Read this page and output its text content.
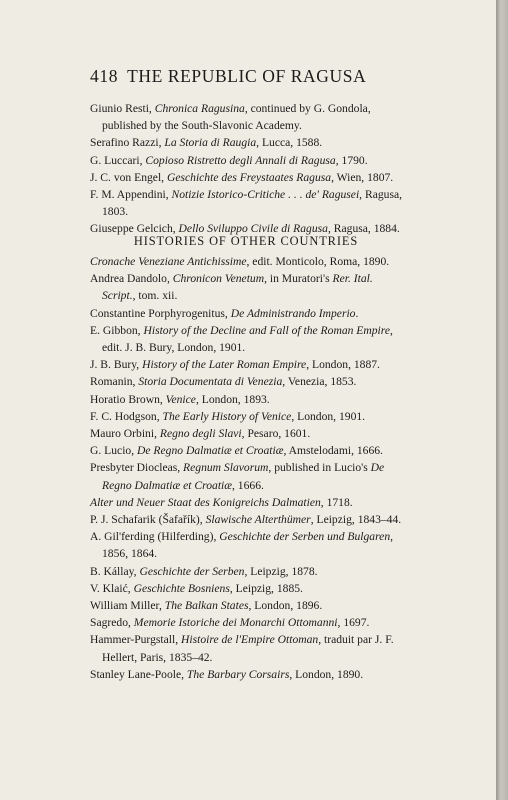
418 THE REPUBLIC OF RAGUSA

Giunio Resti, Chronica Ragusina, continued by G. Gondola, published by the South-Slavonic Academy.

Serafino Razzi, La Storia di Raugia, Lucca, 1588.

G. Luccari, Copioso Ristretto degli Annali di Ragusa, 1790.

J. C. von Engel, Geschichte des Freystaates Ragusa, Wien, 1807.

F. M. Appendini, Notizie Istorico-Critiche . . . de' Ragusei, Ragusa, 1803.

Giuseppe Gelcich, Dello Sviluppo Civile di Ragusa, Ragusa, 1884.

HISTORIES OF OTHER COUNTRIES

Cronache Veneziane Antichissime, edit. Monticolo, Roma, 1890.

Andrea Dandolo, Chronicon Venetum, in Muratori's Rer. Ital. Script., tom. xii.

Constantine Porphyrogenitus, De Administrando Imperio.

E. Gibbon, History of the Decline and Fall of the Roman Empire, edit. J. B. Bury, London, 1901.

J. B. Bury, History of the Later Roman Empire, London, 1887.

Romanin, Storia Documentata di Venezia, Venezia, 1853.

Horatio Brown, Venice, London, 1893.

F. C. Hodgson, The Early History of Venice, London, 1901.

Mauro Orbini, Regno degli Slavi, Pesaro, 1601.

G. Lucio, De Regno Dalmatiæ et Croatiæ, Amstelodami, 1666.

Presbyter Diocleas, Regnum Slavorum, published in Lucio's De Regno Dalmatiæ et Croatiæ, 1666.

Alter und Neuer Staat des Konigreichs Dalmatien, 1718.

P. J. Schafarik (Šafařík), Slawische Alterthümer, Leipzig, 1843–44.

A. Gil'ferding (Hilferding), Geschichte der Serben und Bulgaren, 1856, 1864.

B. Kállay, Geschichte der Serben, Leipzig, 1878.

V. Klaić, Geschichte Bosniens, Leipzig, 1885.

William Miller, The Balkan States, London, 1896.

Sagredo, Memorie Istoriche dei Monarchi Ottomanni, 1697.

Hammer-Purgstall, Histoire de l'Empire Ottoman, traduit par J. F. Hellert, Paris, 1835–42.

Stanley Lane-Poole, The Barbary Corsairs, London, 1890.
